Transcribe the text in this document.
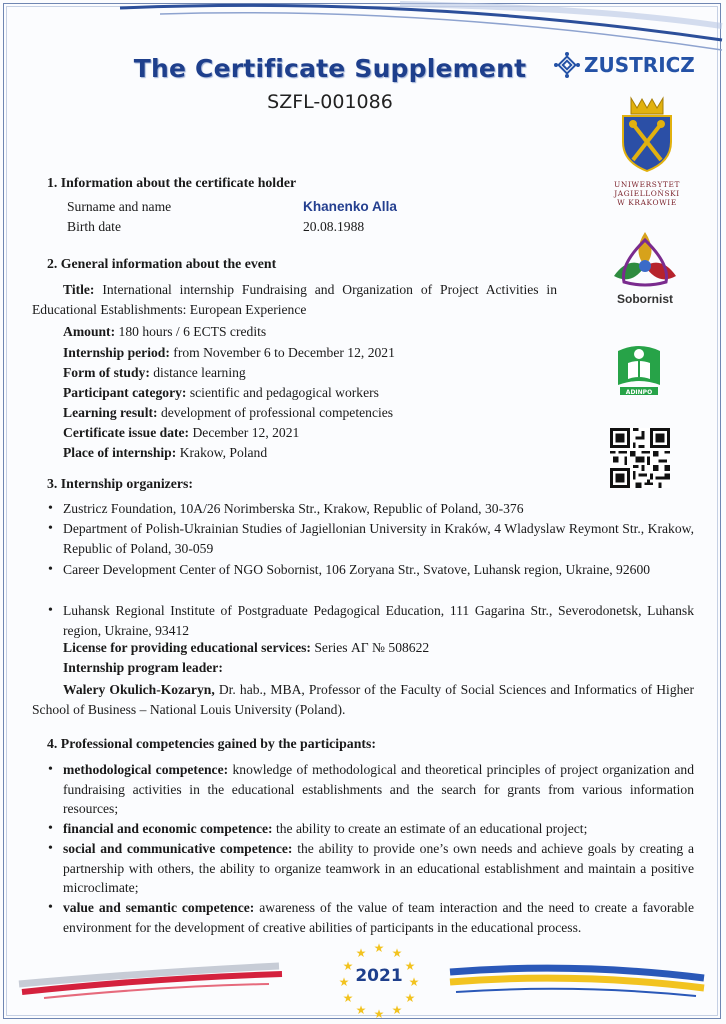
The Certificate Supplement
SZFL-001086
ZUSTRICZ
UNIWERSYTET
JAGIELLOŃSKI
W KRAKOWIE
Sobornist
ADINPO
1. Information about the certificate holder
Surname and name	Khanenko Alla
Birth date	20.08.1988
2. General information about the event
Title: International internship Fundraising and Organization of Project Activities in Educational Establishments: European Experience
Amount: 180 hours / 6 ECTS credits
Internship period: from November 6 to December 12, 2021
Form of study: distance learning
Participant category: scientific and pedagogical workers
Learning result: development of professional competencies
Certificate issue date: December 12, 2021
Place of internship: Krakow, Poland
3. Internship organizers:
• Zustricz Foundation, 10A/26 Norimberska Str., Krakow, Republic of Poland, 30-376
• Department of Polish-Ukrainian Studies of Jagiellonian University in Kraków, 4 Wladyslaw Reymont Str., Krakow, Republic of Poland, 30-059
• Career Development Center of NGO Sobornist, 106 Zoryana Str., Svatove, Luhansk region, Ukraine, 92600
• Luhansk Regional Institute of Postgraduate Pedagogical Education, 111 Gagarina Str., Severodonetsk, Luhansk region, Ukraine, 93412
License for providing educational services: Series АГ № 508622
Internship program leader:
Walery Okulich-Kozaryn, Dr. hab., MBA, Professor of the Faculty of Social Sciences and Informatics of Higher School of Business – National Louis University (Poland).
4. Professional competencies gained by the participants:
• methodological competence: knowledge of methodological and theoretical principles of project organization and fundraising activities in the educational establishments and the search for grants from various information resources;
• financial and economic competence: the ability to create an estimate of an educational project;
• social and communicative competence: the ability to provide one’s own needs and achieve goals by creating a partnership with others, the ability to organize teamwork in an educational establishment and maintain a positive microclimate;
• value and semantic competence: awareness of the value of team interaction and the need to create a favorable environment for the development of creative abilities of participants in the educational process.
★ ★
★
★
★
★
★
★
★
★
★
★
2021
